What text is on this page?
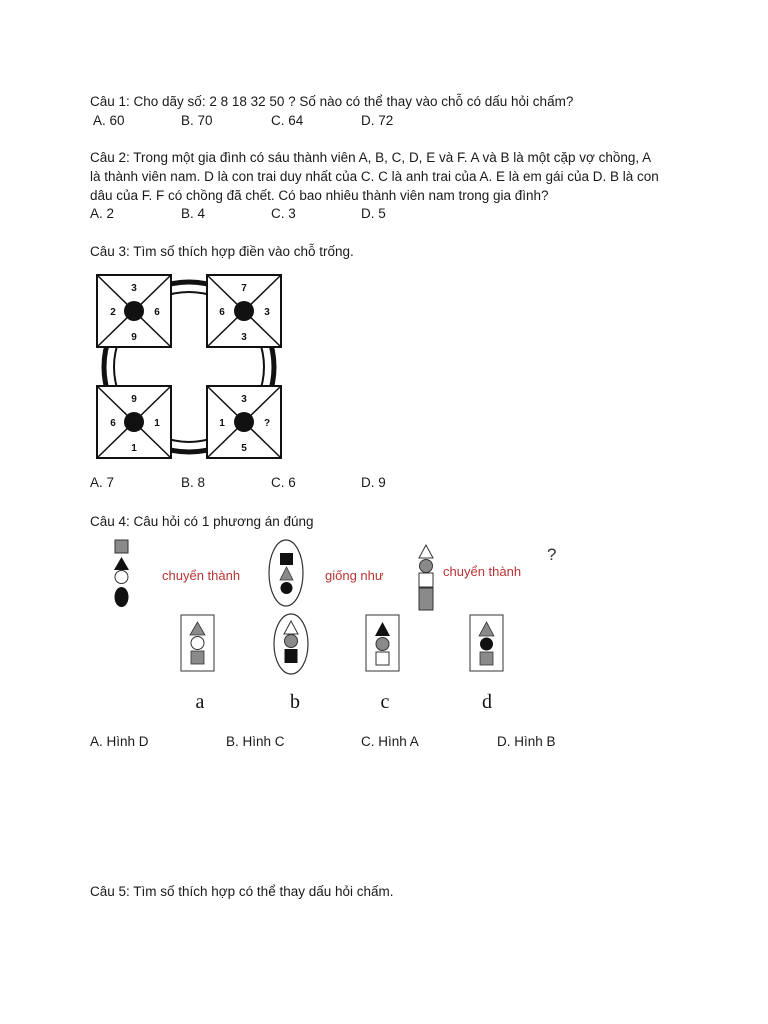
Câu 1: Cho dãy số: 2 8 18 32 50 ? Số nào có thể thay vào chỗ có dấu hỏi chấm?
A. 60	B. 70	C. 64	D. 72
Câu 2: Trong một gia đình có sáu thành viên A, B, C, D, E và F. A và B là một cặp vợ chồng, A
là thành viên nam. D là con trai duy nhất của C. C là anh trai của A. E là em gái của D. B là con
dâu của F. F có chồng đã chết. Có bao nhiêu thành viên nam trong gia đình?
A. 2	B. 4	C. 3	D. 5
Câu 3: Tìm số thích hợp điền vào chỗ trống.
3
2	6
9
7
6	3
3
9
6	1
1
3
1	?
5
A. 7	B. 8	C. 6	D. 9
Câu 4: Câu hỏi có 1 phương án đúng
chuyển thành	giống như	chuyển thành
?
a	b	c	d
A. Hình D	B. Hình C	C. Hình A	D. Hình B
Câu 5: Tìm số thích hợp có thể thay dấu hỏi chấm.
